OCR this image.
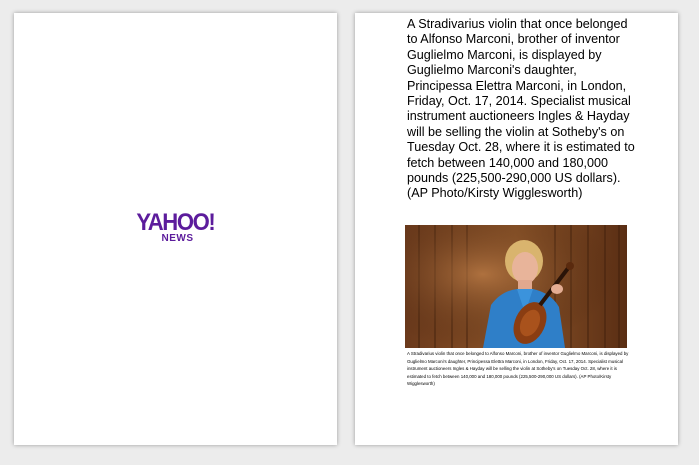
YAHOO!
NEWS

A Stradivarius violin that once belonged to Alfonso Marconi, brother of inventor Guglielmo Marconi, is displayed by Guglielmo Marconi's daughter, Principessa Elettra Marconi, in London, Friday, Oct. 17, 2014. Specialist musical instrument auctioneers Ingles & Hayday will be selling the violin at Sotheby's on Tuesday Oct. 28, where it is estimated to fetch between 140,000 and 180,000 pounds (225,500-290,000 US dollars). (AP Photo/Kirsty Wigglesworth)

A Stradivarius violin that once belonged to Alfonso Marconi, brother of inventor Guglielmo Marconi, is displayed by Guglielmo Marconi's daughter, Principessa Elettra Marconi, in London, Friday, Oct. 17, 2014. Specialist musical instrument auctioneers Ingles & Hayday will be selling the violin at Sotheby's on Tuesday Oct. 28, where it is estimated to fetch between 140,000 and 180,000 pounds (225,500-290,000 US dollars). (AP Photo/Kirsty Wigglesworth)
